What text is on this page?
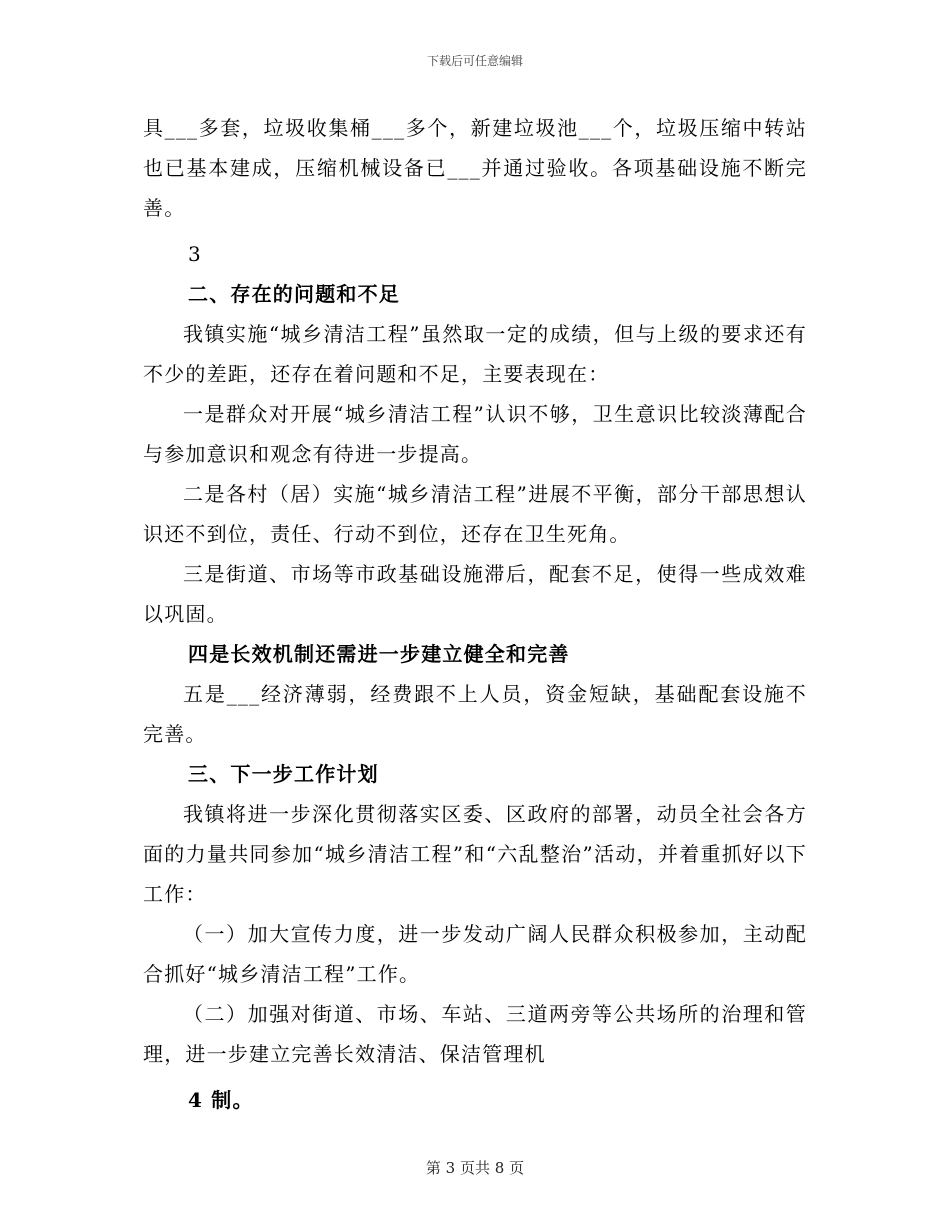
下载后可任意编辑

具___多套，垃圾收集桶___多个，新建垃圾池___个，垃圾压缩中转站也已基本建成，压缩机械设备已___并通过验收。各项基础设施不断完善。

3

二、存在的问题和不足

我镇实施“城乡清洁工程”虽然取一定的成绩，但与上级的要求还有不少的差距，还存在着问题和不足，主要表现在：

一是群众对开展“城乡清洁工程”认识不够，卫生意识比较淡薄配合与参加意识和观念有待进一步提高。

二是各村（居）实施“城乡清洁工程”进展不平衡，部分干部思想认识还不到位，责任、行动不到位，还存在卫生死角。

三是街道、市场等市政基础设施滞后，配套不足，使得一些成效难以巩固。

四是长效机制还需进一步建立健全和完善

五是___经济薄弱，经费跟不上人员，资金短缺，基础配套设施不完善。

三、下一步工作计划

我镇将进一步深化贯彻落实区委、区政府的部署，动员全社会各方面的力量共同参加“城乡清洁工程”和“六乱整治”活动，并着重抓好以下工作：

（一）加大宣传力度，进一步发动广阔人民群众积极参加，主动配合抓好“城乡清洁工程”工作。

（二）加强对街道、市场、车站、三道两旁等公共场所的治理和管理，进一步建立完善长效清洁、保洁管理机

4 制。

第 3 页共 8 页
